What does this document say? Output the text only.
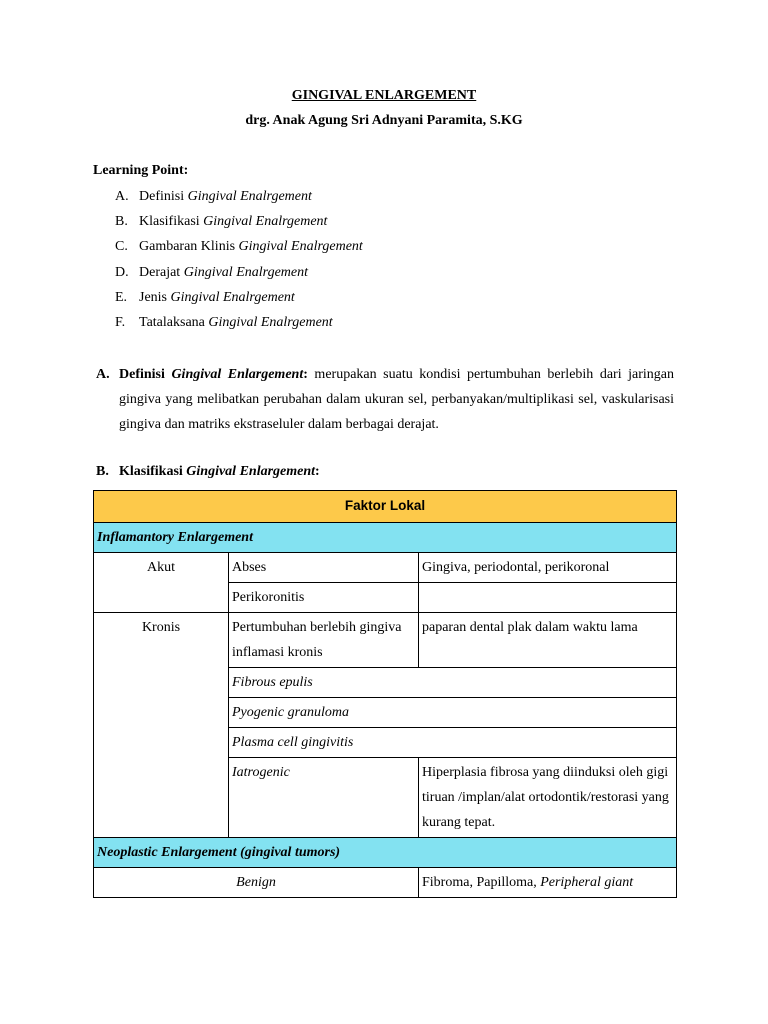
GINGIVAL ENLARGEMENT
drg. Anak Agung Sri Adnyani Paramita, S.KG
Learning Point:
A. Definisi Gingival Enalrgement
B. Klasifikasi Gingival Enalrgement
C. Gambaran Klinis Gingival Enalrgement
D. Derajat Gingival Enalrgement
E. Jenis Gingival Enalrgement
F. Tatalaksana Gingival Enalrgement
A. Definisi Gingival Enlargement: merupakan suatu kondisi pertumbuhan berlebih dari jaringan gingiva yang melibatkan perubahan dalam ukuran sel, perbanyakan/multiplikasi sel, vaskularisasi gingiva dan matriks ekstraseluler dalam berbagai derajat.
B. Klasifikasi Gingival Enlargement:
Faktor Lokal		
Inflamantory Enlargement		
Akut	Abses	Gingiva, periodontal, perikoronal
	Perikoronitis	
Kronis	Pertumbuhan berlebih gingiva inflamasi kronis	paparan dental plak dalam waktu lama
	Fibrous epulis	
	Pyogenic granuloma	
	Plasma cell gingivitis	
	Iatrogenic	Hiperplasia fibrosa yang diinduksi oleh gigi tiruan /implan/alat ortodontik/restorasi yang kurang tepat.
Neoplastic Enlargement (gingival tumors)		
Benign		Fibroma, Papilloma, Peripheral giant
